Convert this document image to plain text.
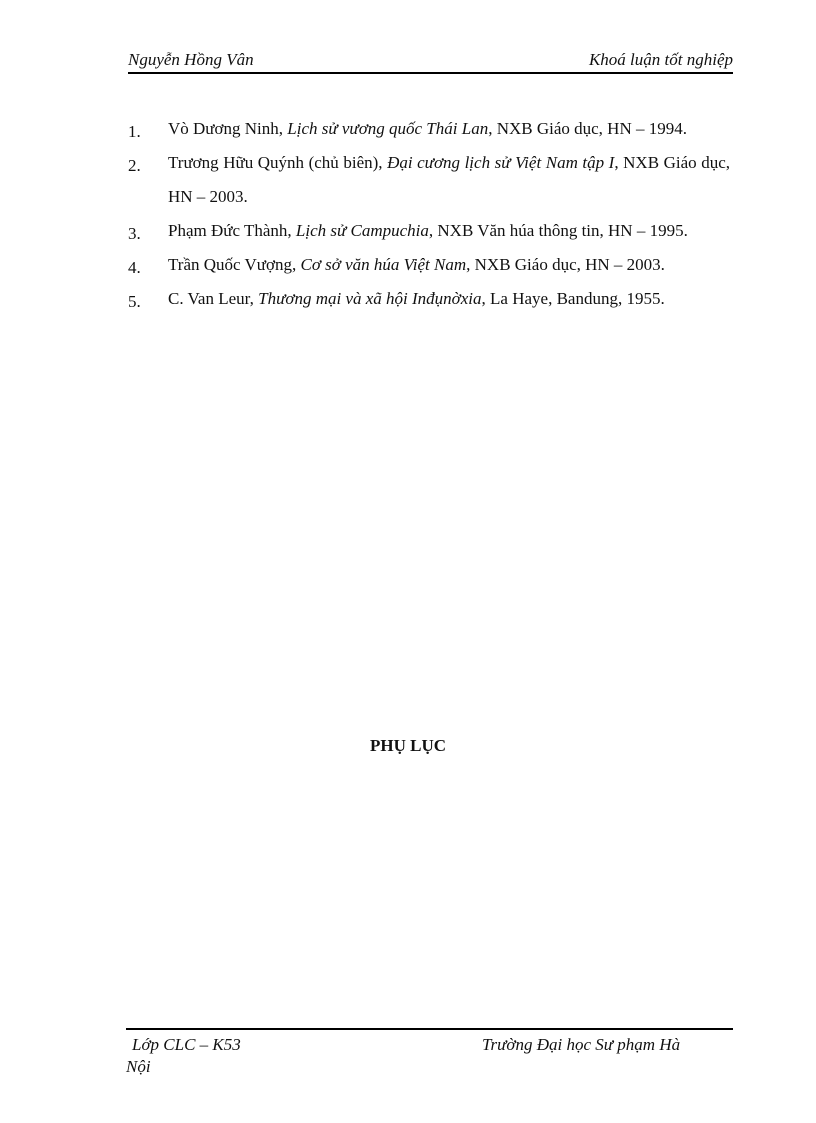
Nguyễn Hồng Vân	Khoá luận tốt nghiệp
1.	Vò Dương Ninh, Lịch sử vương quốc Thái Lan, NXB Giáo dục, HN – 1994.
2.	Trương Hữu Quýnh (chủ biên), Đại cương lịch sử Việt Nam tập I, NXB Giáo dục, HN – 2003.
3.	Phạm Đức Thành, Lịch sử Campuchia, NXB Văn húa thông tin, HN – 1995.
4.	Trần Quốc Vượng, Cơ sở văn húa Việt Nam, NXB Giáo dục, HN – 2003.
5.	C. Van Leur, Thương mại và xã hội Inđụnờxia, La Haye, Bandung, 1955.
PHỤ LỤC
Lớp CLC – K53	Trường Đại học Sư phạm Hà
Nội
